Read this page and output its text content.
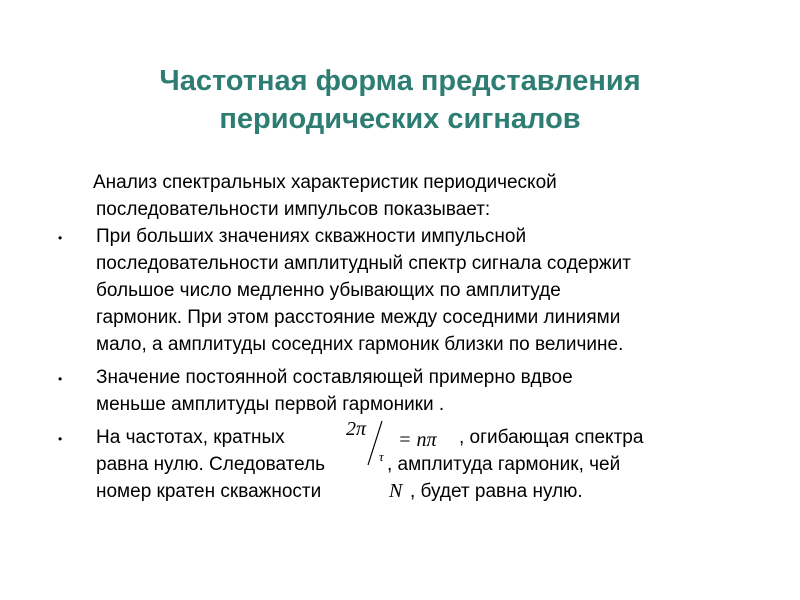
Частотная форма представления
периодических сигналов
Анализ спектральных характеристик периодической
последовательности импульсов показывает:
• При больших значениях скважности импульсной
последовательности амплитудный спектр сигнала содержит
большое число медленно убывающих по амплитуде
гармоник. При этом расстояние между соседними линиями
мало, а амплитуды соседних гармоник близки по величине.
• Значение постоянной составляющей примерно вдвое
меньше амплитуды первой гармоники .
• На частотах, кратных	2π
τ
= nπ , огибающая спектра
равна нулю. Следователь	, амплитуда гармоник, чей
номер кратен скважности	N , будет равна нулю.
